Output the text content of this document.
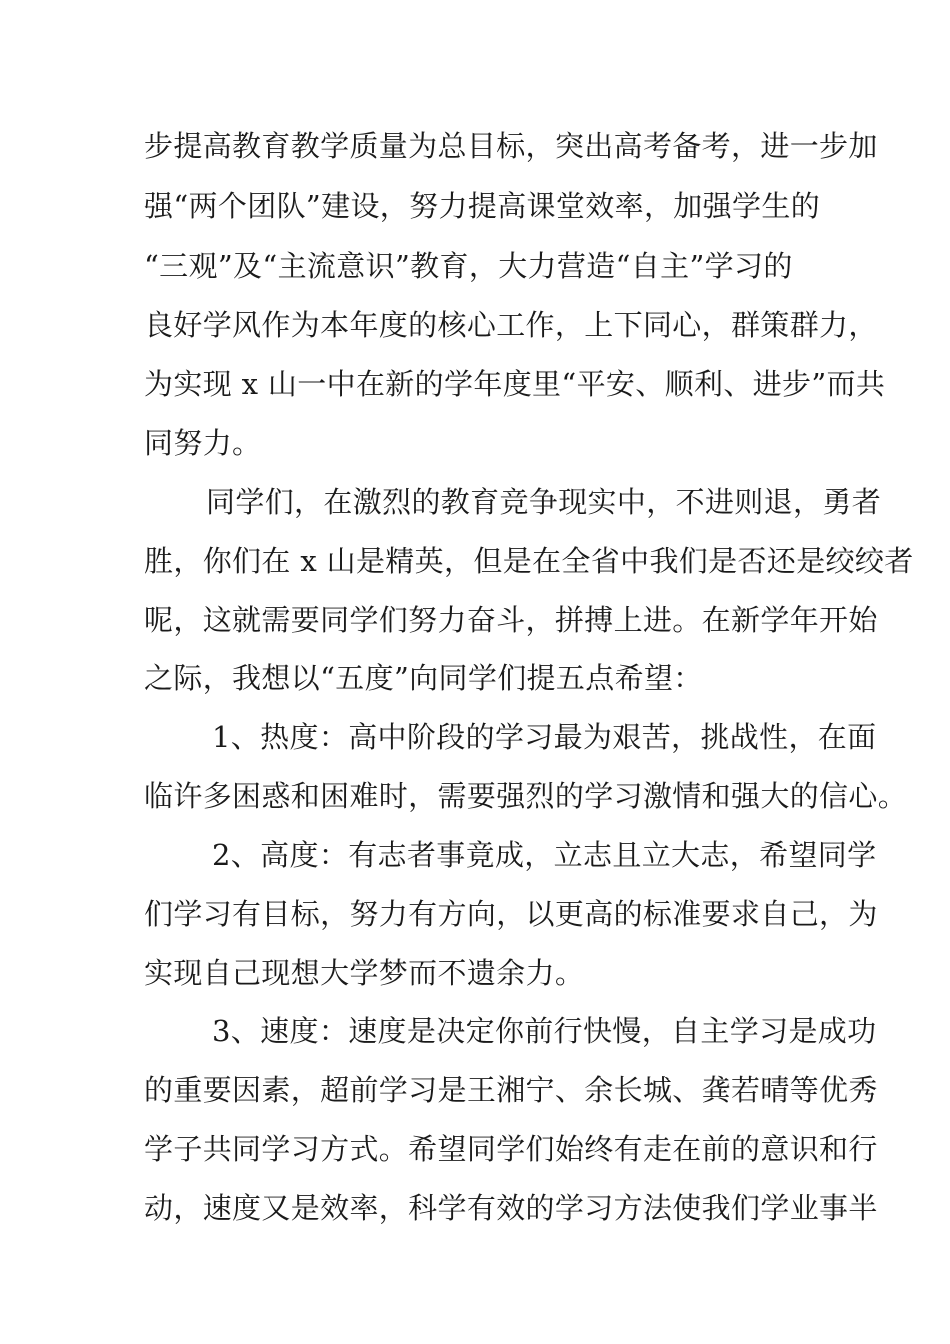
步提高教育教学质量为总目标，突出高考备考，进一步加
强“两个团队”建设，努力提高课堂效率，加强学生的
“三观”及“主流意识”教育，大力营造“自主”学习的
良好学风作为本年度的核心工作，上下同心，群策群力，
为实现 x 山一中在新的学年度里“平安、顺利、进步”而共
同努力。
同学们，在激烈的教育竞争现实中，不进则退，勇者
胜，你们在 x 山是精英，但是在全省中我们是否还是绞绞者
呢，这就需要同学们努力奋斗，拼搏上进。在新学年开始
之际，我想以“五度”向同学们提五点希望：
1、热度：高中阶段的学习最为艰苦，挑战性，在面
临许多困惑和困难时，需要强烈的学习激情和强大的信心。
2、高度：有志者事竟成，立志且立大志，希望同学
们学习有目标，努力有方向，以更高的标准要求自己，为
实现自己现想大学梦而不遗余力。
3、速度：速度是决定你前行快慢，自主学习是成功
的重要因素，超前学习是王湘宁、余长城、龚若晴等优秀
学子共同学习方式。希望同学们始终有走在前的意识和行
动，速度又是效率，科学有效的学习方法使我们学业事半
